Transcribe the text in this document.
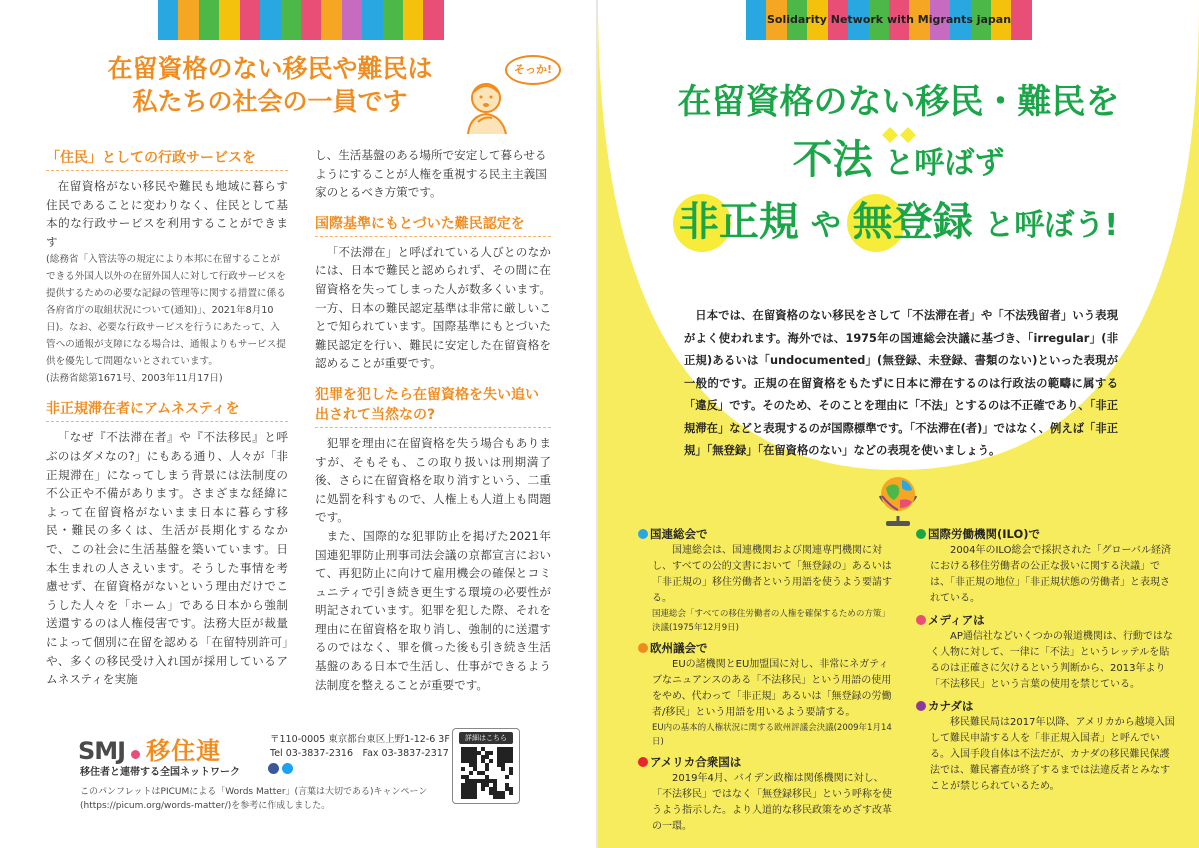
在留資格のない移民や難民は
私たちの社会の一員です
そっか!
「住民」としての行政サービスを
在留資格がない移民や難民も地域に暮らす住民であることに変わりなく、住民として基本的な行政サービスを利用することができます
(総務省「入管法等の規定により本邦に在留することができる外国人以外の在留外国人に対して行政サービスを提供するための必要な記録の管理等に関する措置に係る各府省庁の取組状況について(通知)」、2021年8月10日)。なお、必要な行政サービスを行うにあたって、入管への通報が支障になる場合は、通報よりもサービス提供を優先して問題ないとされています。
(法務省総第1671号、2003年11月17日)
非正規滞在者にアムネスティを
「なぜ『不法滞在者』や『不法移民』と呼ぶのはダメなの?」にもある通り、人々が「非正規滞在」になってしまう背景には法制度の不公正や不備があります。さまざまな経緯によって在留資格がないまま日本に暮らす移民・難民の多くは、生活が長期化するなかで、この社会に生活基盤を築いています。日本生まれの人さえいます。そうした事情を考慮せず、在留資格がないという理由だけでこうした人々を「ホーム」である日本から強制送還するのは人権侵害です。法務大臣が裁量によって個別に在留を認める「在留特別許可」や、多くの移民受け入れ国が採用しているアムネスティを実施
し、生活基盤のある場所で安定して暮らせるようにすることが人権を重視する民主主義国家のとるべき方策です。
国際基準にもとづいた難民認定を
「不法滞在」と呼ばれている人びとのなかには、日本で難民と認められず、その間に在留資格を失ってしまった人が数多くいます。一方、日本の難民認定基準は非常に厳しいことで知られています。国際基準にもとづいた難民認定を行い、難民に安定した在留資格を認めることが重要です。
犯罪を犯したら在留資格を失い追い出されて当然なの?
犯罪を理由に在留資格を失う場合もありますが、そもそも、この取り扱いは刑期満了後、さらに在留資格を取り消すという、二重に処罰を科すもので、人権上も人道上も問題です。
また、国際的な犯罪防止を掲げた2021年国連犯罪防止刑事司法会議の京都宣言において、再犯防止に向けて雇用機会の確保とコミュニティで引き続き更生する環境の必要性が明記されています。犯罪を犯した際、それを理由に在留資格を取り消し、強制的に送還するのではなく、罪を償った後も引き続き生活基盤のある日本で生活し、仕事ができるよう法制度を整えることが重要です。
SMJ 移住連
移住者と連帯する全国ネットワーク
〒110-0005 東京都台東区上野1-12-6 3F
Tel 03-3837-2316　Fax 03-3837-2317
詳細はこちら
このパンフレットはPICUMによる「Words Matter」(言葉は大切である)キャンペーン(https://picum.org/words-matter/)を参考に作成しました。
Solidarity Network with Migrants japan
在留資格のない移民・難民を
不法 と呼ばず
非正規 や 無登録 と呼ぼう!
日本では、在留資格のない移民をさして「不法滞在者」や「不法残留者」いう表現がよく使われます。海外では、1975年の国連総会決議に基づき、「irregular」(非正規)あるいは「undocumented」(無登録、未登録、書類のない)といった表現が一般的です。正規の在留資格をもたずに日本に滞在するのは行政法の範疇に属する「違反」です。そのため、そのことを理由に「不法」とするのは不正確であり、「非正規滞在」などと表現するのが国際標準です。「不法滞在(者)」ではなく、例えば「非正規」「無登録」「在留資格のない」などの表現を使いましょう。
国連総会で
国連総会は、国連機関および関連専門機関に対し、すべての公的文書において「無登録の」あるいは「非正規の」移住労働者という用語を使うよう要請する。
国連総会「すべての移住労働者の人権を確保するための方策」決議(1975年12月9日)
欧州議会で
EUの諸機関とEU加盟国に対し、非常にネガティブなニュアンスのある「不法移民」という用語の使用をやめ、代わって「非正規」あるいは「無登録の労働者/移民」という用語を用いるよう要請する。
EU内の基本的人権状況に関する欧州評議会決議(2009年1月14日)
アメリカ合衆国は
2019年4月、バイデン政権は関係機関に対し、「不法移民」ではなく「無登録移民」という呼称を使うよう指示した。より人道的な移民政策をめざす改革の一環。
国際労働機関(ILO)で
2004年のILO総会で採択された「グローバル経済における移住労働者の公正な扱いに関する決議」では、「非正規の地位」「非正規状態の労働者」と表現されている。
メディアは
AP通信社などいくつかの報道機関は、行動ではなく人物に対して、一律に「不法」というレッテルを貼るのは正確さに欠けるという判断から、2013年より「不法移民」という言葉の使用を禁じている。
カナダは
移民難民局は2017年以降、アメリカから越境入国して難民申請する人を「非正規入国者」と呼んでいる。入国手段自体は不法だが、カナダの移民難民保護法では、難民審査が終了するまでは法違反者とみなすことが禁じられているため。
